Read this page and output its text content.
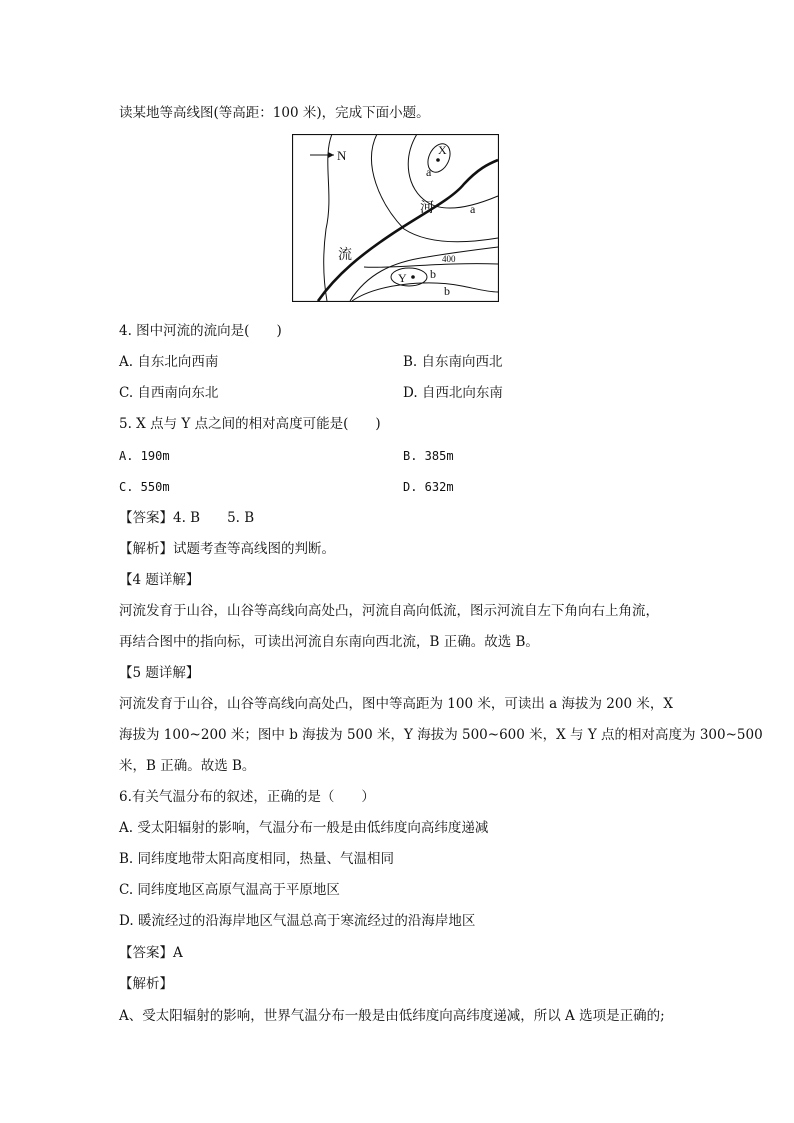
读某地等高线图(等高距：100 米)，完成下面小题。
N	X
a
a
河
流	400
Y b
b
4. 图中河流的流向是(　　)
A. 自东北向西南	B. 自东南向西北
C. 自西南向东北	D. 自西北向东南
5. X 点与 Y 点之间的相对高度可能是(　　)
A. 190m	B. 385m
C. 550m	D. 632m
【答案】4. B　　5. B
【解析】试题考查等高线图的判断。
【4 题详解】
河流发育于山谷，山谷等高线向高处凸，河流自高向低流，图示河流自左下角向右上角流，
再结合图中的指向标，可读出河流自东南向西北流，B 正确。故选 B。
【5 题详解】
河流发育于山谷，山谷等高线向高处凸，图中等高距为 100 米，可读出 a 海拔为 200 米，X
海拔为 100~200 米；图中 b 海拔为 500 米，Y 海拔为 500~600 米，X 与 Y 点的相对高度为 300~500
米，B 正确。故选 B。
6.有关气温分布的叙述，正确的是（　　）
A. 受太阳辐射的影响，气温分布一般是由低纬度向高纬度递减
B. 同纬度地带太阳高度相同，热量、气温相同
C. 同纬度地区高原气温高于平原地区
D. 暖流经过的沿海岸地区气温总高于寒流经过的沿海岸地区
【答案】A
【解析】
A、受太阳辐射的影响，世界气温分布一般是由低纬度向高纬度递减，所以 A 选项是正确的;
